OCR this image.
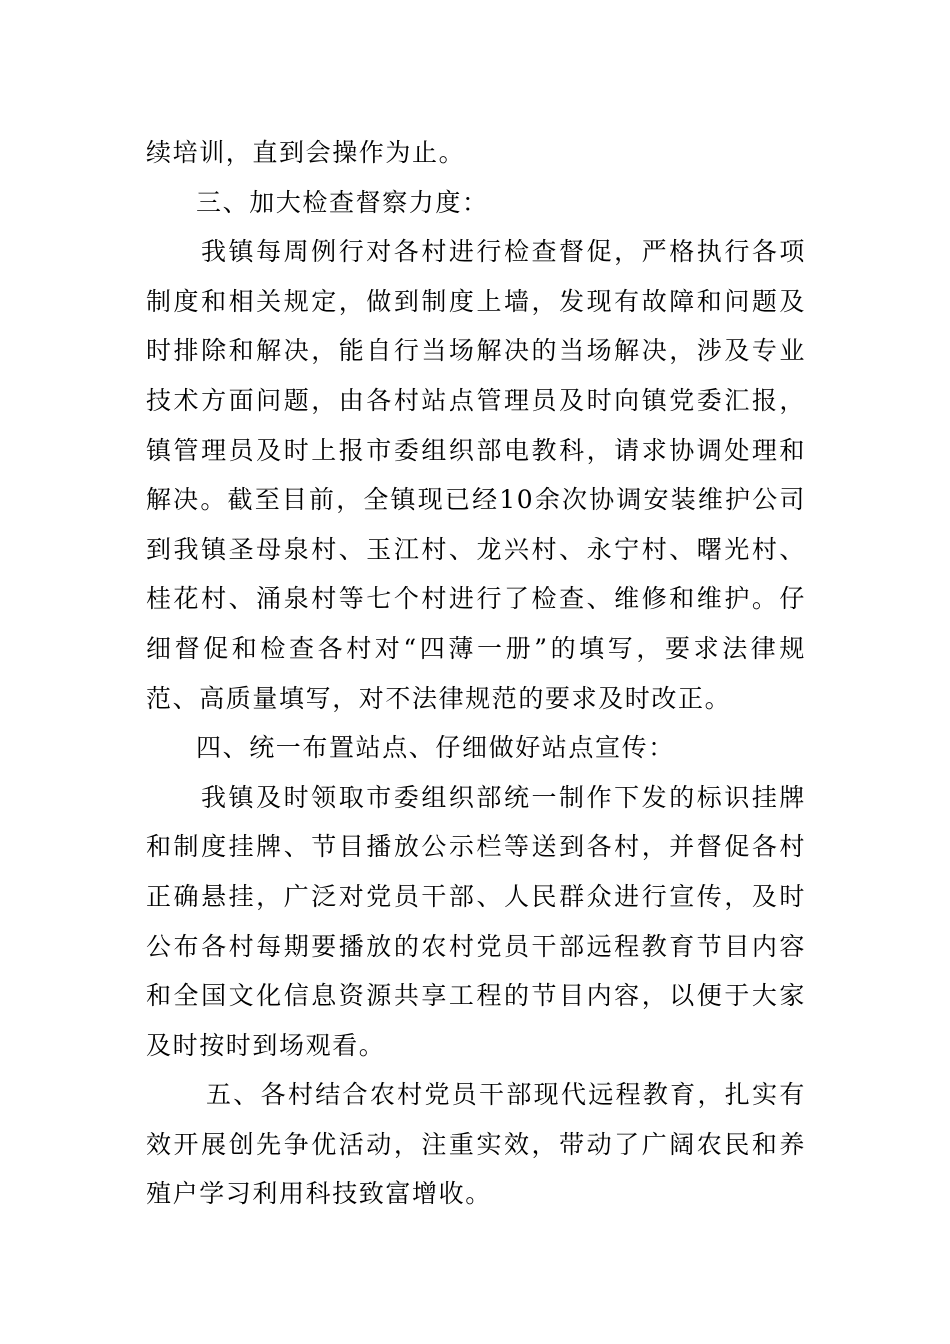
续培训，直到会操作为止。

三、加大检查督察力度：

我镇每周例行对各村进行检查督促，严格执行各项制度和相关规定，做到制度上墙，发现有故障和问题及时排除和解决，能自行当场解决的当场解决，涉及专业技术方面问题，由各村站点管理员及时向镇党委汇报，镇管理员及时上报市委组织部电教科，请求协调处理和解决。截至目前，全镇现已经10余次协调安装维护公司到我镇圣母泉村、玉江村、龙兴村、永宁村、曙光村、桂花村、涌泉村等七个村进行了检查、维修和维护。仔细督促和检查各村对“四薄一册”的填写，要求法律规范、高质量填写，对不法律规范的要求及时改正。

四、统一布置站点、仔细做好站点宣传：

我镇及时领取市委组织部统一制作下发的标识挂牌和制度挂牌、节目播放公示栏等送到各村，并督促各村正确悬挂，广泛对党员干部、人民群众进行宣传，及时公布各村每期要播放的农村党员干部远程教育节目内容和全国文化信息资源共享工程的节目内容，以便于大家及时按时到场观看。

五、各村结合农村党员干部现代远程教育，扎实有效开展创先争优活动，注重实效，带动了广阔农民和养殖户学习利用科技致富增收。
